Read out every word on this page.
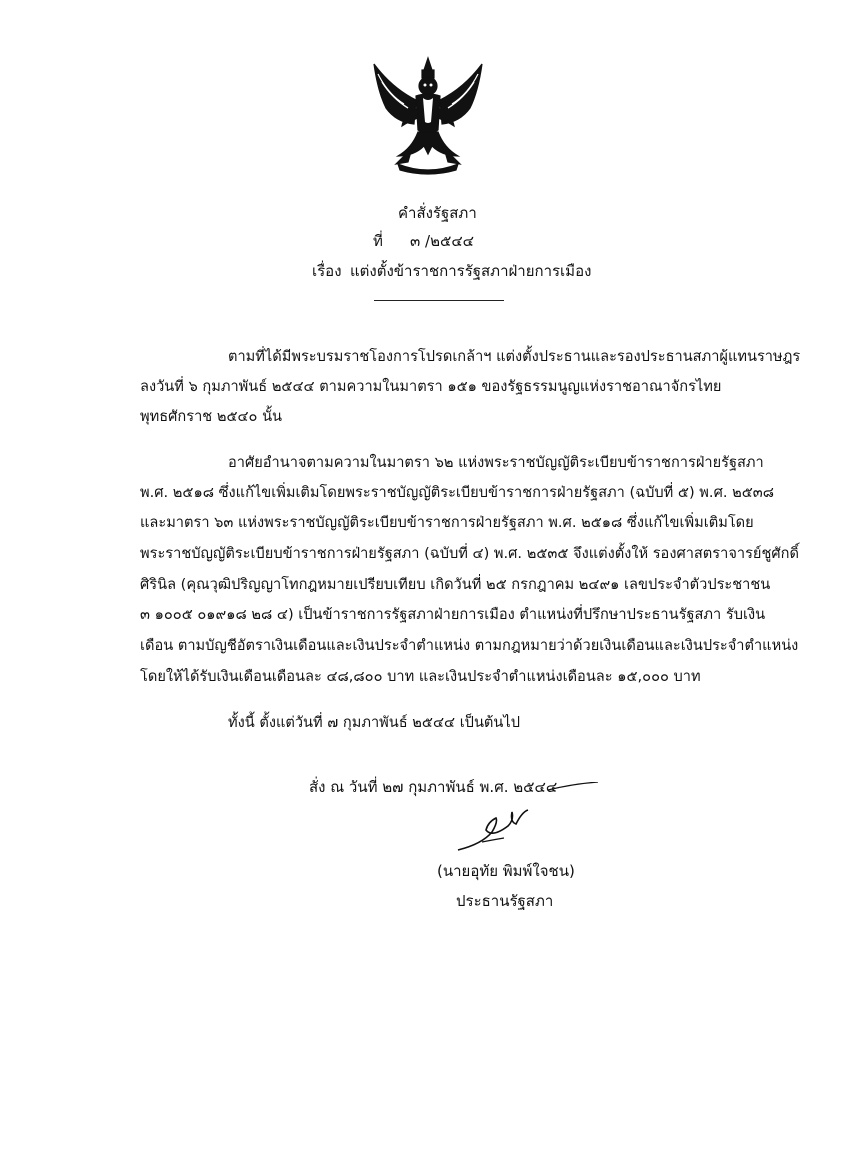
คำสั่งรัฐสภา
ที่ ๓ /๒๕๔๔
เรื่อง แต่งตั้งข้าราชการรัฐสภาฝ่ายการเมือง
ตามที่ได้มีพระบรมราชโองการโปรดเกล้าฯ แต่งตั้งประธานและรองประธานสภาผู้แทนราษฎร
ลงวันที่ ๖ กุมภาพันธ์ ๒๕๔๔ ตามความในมาตรา ๑๕๑ ของรัฐธรรมนูญแห่งราชอาณาจักรไทย
พุทธศักราช ๒๕๔๐ นั้น
อาศัยอำนาจตามความในมาตรา ๖๒ แห่งพระราชบัญญัติระเบียบข้าราชการฝ่ายรัฐสภา
พ.ศ. ๒๕๑๘ ซึ่งแก้ไขเพิ่มเติมโดยพระราชบัญญัติระเบียบข้าราชการฝ่ายรัฐสภา (ฉบับที่ ๕) พ.ศ. ๒๕๓๘
และมาตรา ๖๓ แห่งพระราชบัญญัติระเบียบข้าราชการฝ่ายรัฐสภา พ.ศ. ๒๕๑๘ ซึ่งแก้ไขเพิ่มเติมโดย
พระราชบัญญัติระเบียบข้าราชการฝ่ายรัฐสภา (ฉบับที่ ๔) พ.ศ. ๒๕๓๕ จึงแต่งตั้งให้ รองศาสตราจารย์ชูศักดิ์
ศิรินิล (คุณวุฒิปริญญาโทกฎหมายเปรียบเทียบ เกิดวันที่ ๒๕ กรกฎาคม ๒๔๙๑ เลขประจำตัวประชาชน
๓ ๑๐๐๕ ๐๑๙๑๘ ๒๘ ๔) เป็นข้าราชการรัฐสภาฝ่ายการเมือง ตำแหน่งที่ปรึกษาประธานรัฐสภา รับเงิน
เดือน ตามบัญชีอัตราเงินเดือนและเงินประจำตำแหน่ง ตามกฎหมายว่าด้วยเงินเดือนและเงินประจำตำแหน่ง
โดยให้ได้รับเงินเดือนเดือนละ ๔๘,๘๐๐ บาท และเงินประจำตำแหน่งเดือนละ ๑๕,๐๐๐ บาท
ทั้งนี้ ตั้งแต่วันที่ ๗ กุมภาพันธ์ ๒๕๔๔ เป็นต้นไป
สั่ง ณ วันที่ ๒๗ กุมภาพันธ์ พ.ศ. ๒๕๔๔
(นายอุทัย พิมพ์ใจชน)
ประธานรัฐสภา
